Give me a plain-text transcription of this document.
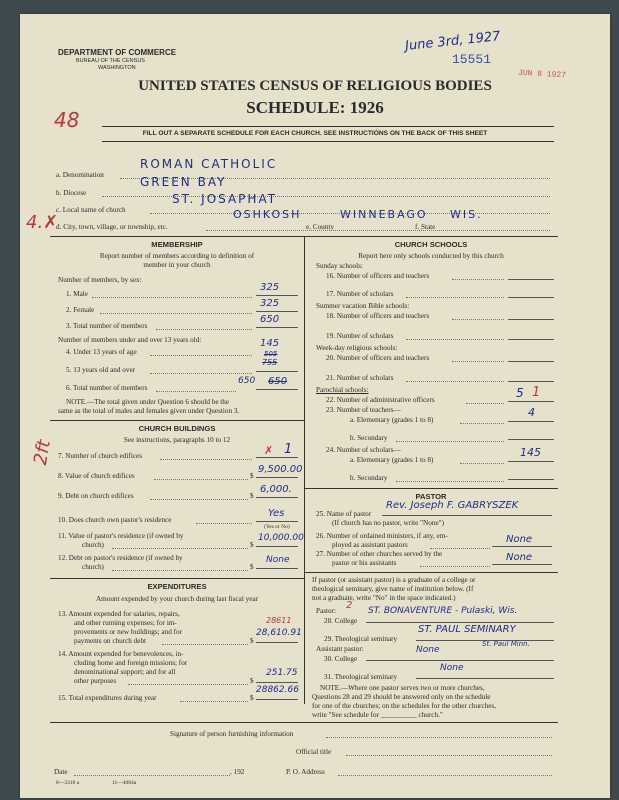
DEPARTMENT OF COMMERCE
BUREAU OF THE CENSUS
WASHINGTON
June 3rd, 1927
15551
JUN 8 1927
UNITED STATES CENSUS OF RELIGIOUS BODIES
SCHEDULE: 1926
48
FILL OUT A SEPARATE SCHEDULE FOR EACH CHURCH. SEE INSTRUCTIONS ON THE BACK OF THIS SHEET
a. Denomination
ROMAN CATHOLIC
b. Diocese
GREEN BAY
c. Local name of church
ST. JOSAPHAT
4.✗
d. City, town, village, or township, etc.
OSHKOSH
e. County
WINNEBAGO
f. State
WIS.
MEMBERSHIP
Report number of members according to definition of
member in your church
Number of members, by sex:
1. Male
325
2. Female
325
3. Total number of members
650
Number of members under and over 13 years old:
4. Under 13 years of age
145
505
5. 13 years old and over
755
6. Total number of members
650 650
NOTE.—The total given under Question 6 should be the
same as the total of males and females given under Question 3.
CHURCH BUILDINGS
See instructions, paragraphs 10 to 12
2ft 7. Number of church edifices	1
✗
8. Value of church edifices	$
9,500.00
9. Debt on church edifices	$
6,000.
10. Does church own pastor's residence
Yes
(Yes or No)
11. Value of pastor's residence (if owned by
church)	$
10,000.00
12. Debt on pastor's residence (if owned by
church)	$
None
EXPENDITURES
Amount expended by your church during last fiscal year
13. Amount expended for salaries, repairs,
and other running expenses; for im-
provements or new buildings; and for
payments on church debt
28611
$
28,610.91
14. Amount expended for benevolences, in-
cluding home and foreign missions; for
denominational support; and for all
other purposes	$
251.75
15. Total expenditures during year	$
28862.66
CHURCH SCHOOLS
Report here only schools conducted by this church
Sunday schools:
16. Number of officers and teachers
17. Number of scholars
Summer vacation Bible schools:
18. Number of officers and teachers
19. Number of scholars
Week-day religious schools:
20. Number of officers and teachers
21. Number of scholars
Parochial schools:
22. Number of administrative officers	1
5
23. Number of teachers—
a. Elementary (grades 1 to 8)
4
b. Secondary
24. Number of scholars—
a. Elementary (grades 1 to 8)
145
b. Secondary
PASTOR
25. Name of pastor
Rev. Joseph F. GABRYSZEK
(If church has no pastor, write "None")
26. Number of ordained ministers, if any, em-
ployed as assistant pastors	None
27. Number of other churches served by the
pastor or his assistants	None
If pastor (or assistant pastor) is a graduate of a college or
theological seminary, give name of institution below. (If
not a graduate, write "No" in the space indicated.)
Pastor: 2
28. College
ST. BONAVENTURE - Pulaski, Wis.
29. Theological seminary
ST. PAUL SEMINARY
St. Paul Minn.
Assistant pastor:
30. College
None
31. Theological seminary
None
NOTE.—Where one pastor serves two or more churches,
Questions 28 and 29 should be answered only on the schedule
for one of the churches; on the schedules for the other churches,
write "See schedule for __________ church."
Signature of person furnishing information
Official title
Date	, 192	P. O. Address
8—3318 a	11—4084a
